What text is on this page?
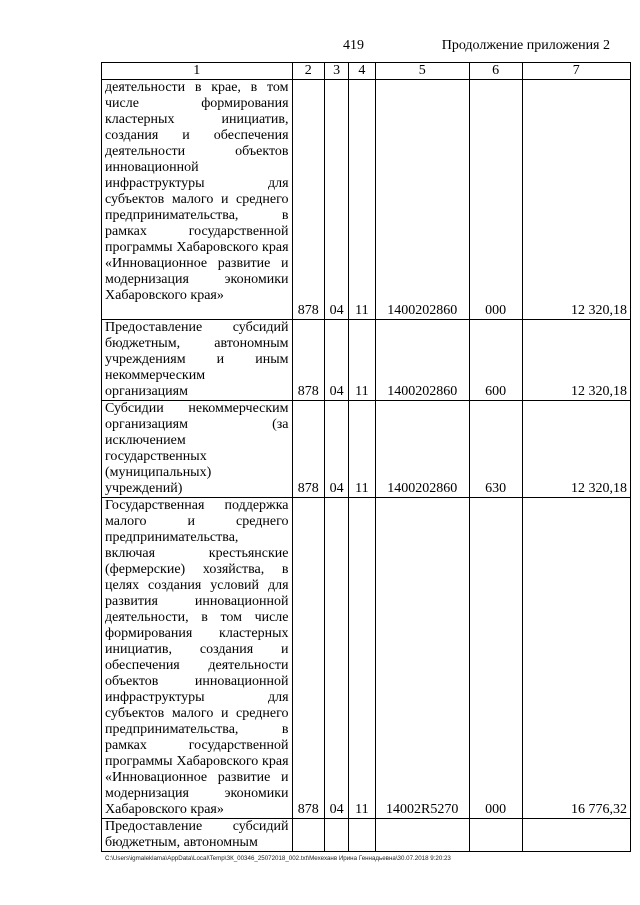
419	Продолжение приложения 2
1	2	3	4	5	6	7
деятельности в крае, в том числе формирования кластерных инициатив, создания и обеспечения деятельности объектов инновационной инфраструктуры для субъектов малого и среднего предпринимательства, в рамках государственной программы Хабаровского края «Инновационное развитие и модернизация экономики Хабаровского края»	878	04	11	1400202860	000	12 320,18
Предоставление субсидий бюджетным, автономным учреждениям и иным некоммерческим организациям	878	04	11	1400202860	600	12 320,18
Субсидии некоммерческим организациям (за исключением государственных (муниципальных) учреждений)	878	04	11	1400202860	630	12 320,18
Государственная поддержка малого и среднего предпринимательства, включая крестьянские (фермерские) хозяйства, в целях создания условий для развития инновационной деятельности, в том числе формирования кластерных инициатив, создания и обеспечения деятельности объектов инновационной инфраструктуры для субъектов малого и среднего предпринимательства, в рамках государственной программы Хабаровского края «Инновационное развитие и модернизация экономики Хабаровского края»	878	04	11	14002R5270	000	16 776,32
Предоставление субсидий бюджетным, автономным						
C:\Users\igmaleklama\AppData\Local\Temp\ЗК_00346_25072018_002.txt\Мехеханв Ирина Геннадьевна\30.07.2018 9:20:23
